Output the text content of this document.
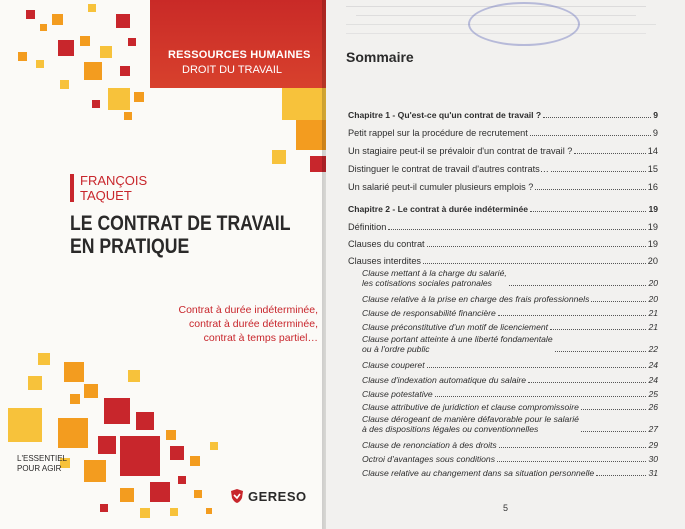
RESSOURCES HUMAINES
DROIT DU TRAVAIL
FRANÇOIS
TAQUET
LE CONTRAT DE TRAVAIL
EN PRATIQUE
Contrat à durée indéterminée,
contrat à durée déterminée,
contrat à temps partiel…
L'ESSENTIEL
POUR AGIR
GERESO
Sommaire
Chapitre 1 - Qu'est-ce qu'un contrat de travail ?	9
Petit rappel sur la procédure de recrutement	9
Un stagiaire peut-il se prévaloir d'un contrat de travail ?	14
Distinguer le contrat de travail d'autres contrats…	15
Un salarié peut-il cumuler plusieurs emplois ?	16
Chapitre 2 - Le contrat à durée indéterminée	19
Définition	19
Clauses du contrat	19
Clauses interdites	20
Clause mettant à la charge du salarié,
les cotisations sociales patronales	20
Clause relative à la prise en charge des frais professionnels	20
Clause de responsabilité financière	21
Clause préconstitutive d'un motif de licenciement	21
Clause portant atteinte à une liberté fondamentale
ou à l'ordre public	22
Clause couperet	24
Clause d'indexation automatique du salaire	24
Clause potestative	25
Clause attributive de juridiction et clause compromissoire	26
Clause dérogeant de manière défavorable pour le salarié
à des dispositions légales ou conventionnelles	27
Clause de renonciation à des droits	29
Octroi d'avantages sous conditions	30
Clause relative au changement dans sa situation personnelle	31
5
